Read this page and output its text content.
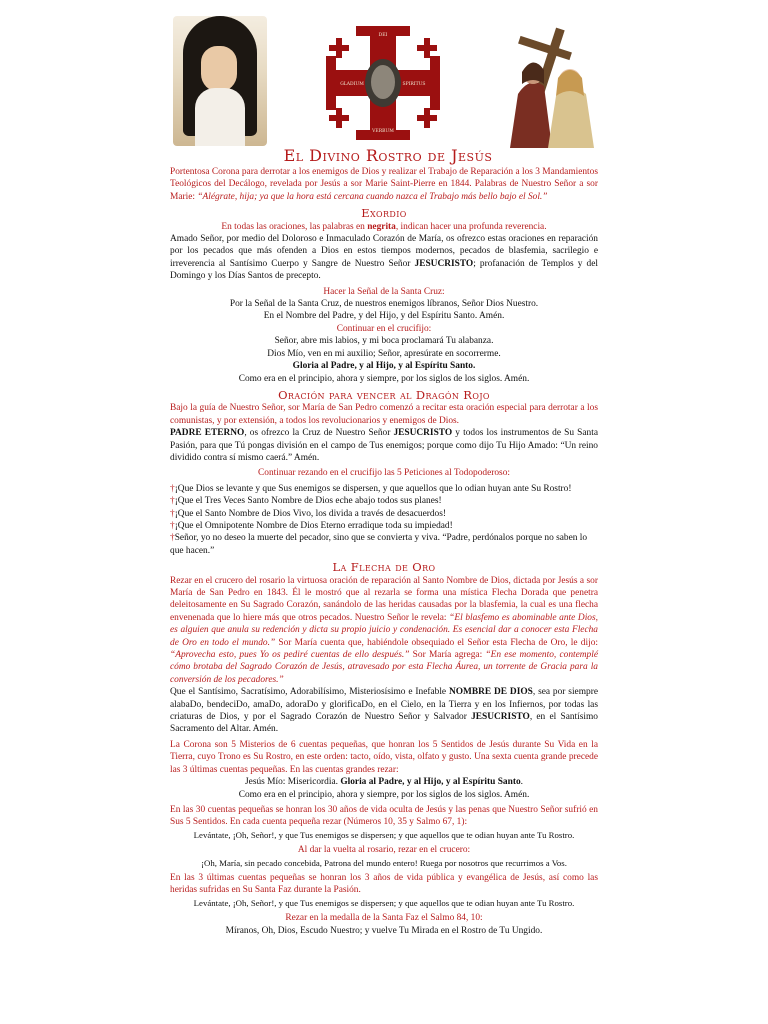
DEI
GLADIUM	SPIRITUS
VERBUM
El Divino Rostro de Jesús

Portentosa Corona para derrotar a los enemigos de Dios y realizar el Trabajo de Reparación a los 3 Mandamientos Teológicos del Decálogo, revelada por Jesús a sor Marie Saint-Pierre en 1844. Palabras de Nuestro Señor a sor Marie: “Alégrate, hija; ya que la hora está cercana cuando nazca el Trabajo más bello bajo el Sol.”

Exordio

En todas las oraciones, las palabras en negrita, indican hacer una profunda reverencia.

Amado Señor, por medio del Doloroso e Inmaculado Corazón de María, os ofrezco estas oraciones en reparación por los pecados que más ofenden a Dios en estos tiempos modernos, pecados de blasfemia, sacrilegio e irreverencia al Santísimo Cuerpo y Sangre de Nuestro Señor JESUCRISTO; profanación de Templos y del Domingo y los Días Santos de precepto.

Hacer la Señal de la Santa Cruz:

Por la Señal de la Santa Cruz, de nuestros enemigos líbranos, Señor Dios Nuestro.

En el Nombre del Padre, y del Hijo, y del Espíritu Santo. Amén.

Continuar en el crucifijo:

Señor, abre mis labios, y mi boca proclamará Tu alabanza.

Dios Mío, ven en mi auxilio; Señor, apresúrate en socorrerme.

Gloria al Padre, y al Hijo, y al Espíritu Santo.

Como era en el principio, ahora y siempre, por los siglos de los siglos. Amén.

Oración para vencer al Dragón Rojo

Bajo la guía de Nuestro Señor, sor María de San Pedro comenzó a recitar esta oración especial para derrotar a los comunistas, y por extensión, a todos los revolucionarios y enemigos de Dios.

PADRE ETERNO, os ofrezco la Cruz de Nuestro Señor JESUCRISTO y todos los instrumentos de Su Santa Pasión, para que Tú pongas división en el campo de Tus enemigos; porque como dijo Tu Hijo Amado: “Un reino dividido contra sí mismo caerá.” Amén.

Continuar rezando en el crucifijo las 5 Peticiones al Todopoderoso:

† ¡Que Dios se levante y que Sus enemigos se dispersen, y que aquellos que lo odian huyan ante Su Rostro!

† ¡Que el Tres Veces Santo Nombre de Dios eche abajo todos sus planes!

† ¡Que el Santo Nombre de Dios Vivo, los divida a través de desacuerdos!

† ¡Que el Omnipotente Nombre de Dios Eterno erradique toda su impiedad!

† Señor, yo no deseo la muerte del pecador, sino que se convierta y viva. “Padre, perdónalos porque no saben lo que hacen.”

La Flecha de Oro

Rezar en el crucero del rosario la virtuosa oración de reparación al Santo Nombre de Dios, dictada por Jesús a sor María de San Pedro en 1843. Él le mostró que al rezarla se forma una mística Flecha Dorada que penetra deleitosamente en Su Sagrado Corazón, sanándolo de las heridas causadas por la blasfemia, la cual es una flecha envenenada que lo hiere más que otros pecados. Nuestro Señor le revela: “El blasfemo es abominable ante Dios, es alguien que anula su redención y dicta su propio juicio y condenación. Es esencial dar a conocer esta Flecha de Oro en todo el mundo.” Sor María cuenta que, habiéndole obsequiado el Señor esta Flecha de Oro, le dijo: “Aprovecha esto, pues Yo os pediré cuentas de ello después.” Sor María agrega: “En ese momento, contemplé cómo brotaba del Sagrado Corazón de Jesús, atravesado por esta Flecha Áurea, un torrente de Gracia para la conversión de los pecadores.”

Que el Santísimo, Sacratísimo, Adorabilísimo, Misteriosísimo e Inefable NOMBRE DE DIOS, sea por siempre alabaDo, bendeciDo, amaDo, adoraDo y glorificaDo, en el Cielo, en la Tierra y en los Infiernos, por todas las criaturas de Dios, y por el Sagrado Corazón de Nuestro Señor y Salvador JESUCRISTO, en el Santísimo Sacramento del Altar. Amén.

La Corona son 5 Misterios de 6 cuentas pequeñas, que honran los 5 Sentidos de Jesús durante Su Vida en la Tierra, cuyo Trono es Su Rostro, en este orden: tacto, oído, vista, olfato y gusto. Una sexta cuenta grande precede las 3 últimas cuentas pequeñas. En las cuentas grandes rezar:

Jesús Mío: Misericordia. Gloria al Padre, y al Hijo, y al Espíritu Santo.

Como era en el principio, ahora y siempre, por los siglos de los siglos. Amén.

En las 30 cuentas pequeñas se honran los 30 años de vida oculta de Jesús y las penas que Nuestro Señor sufrió en Sus 5 Sentidos. En cada cuenta pequeña rezar (Números 10, 35 y Salmo 67, 1):

Levántate, ¡Oh, Señor!, y que Tus enemigos se dispersen; y que aquellos que te odian huyan ante Tu Rostro.

Al dar la vuelta al rosario, rezar en el crucero:

¡Oh, María, sin pecado concebida, Patrona del mundo entero! Ruega por nosotros que recurrimos a Vos.

En las 3 últimas cuentas pequeñas se honran los 3 años de vida pública y evangélica de Jesús, así como las heridas sufridas en Su Santa Faz durante la Pasión.

Levántate, ¡Oh, Señor!, y que Tus enemigos se dispersen; y que aquellos que te odian huyan ante Tu Rostro.

Rezar en la medalla de la Santa Faz el Salmo 84, 10:

Míranos, Oh, Dios, Escudo Nuestro; y vuelve Tu Mirada en el Rostro de Tu Ungido.
